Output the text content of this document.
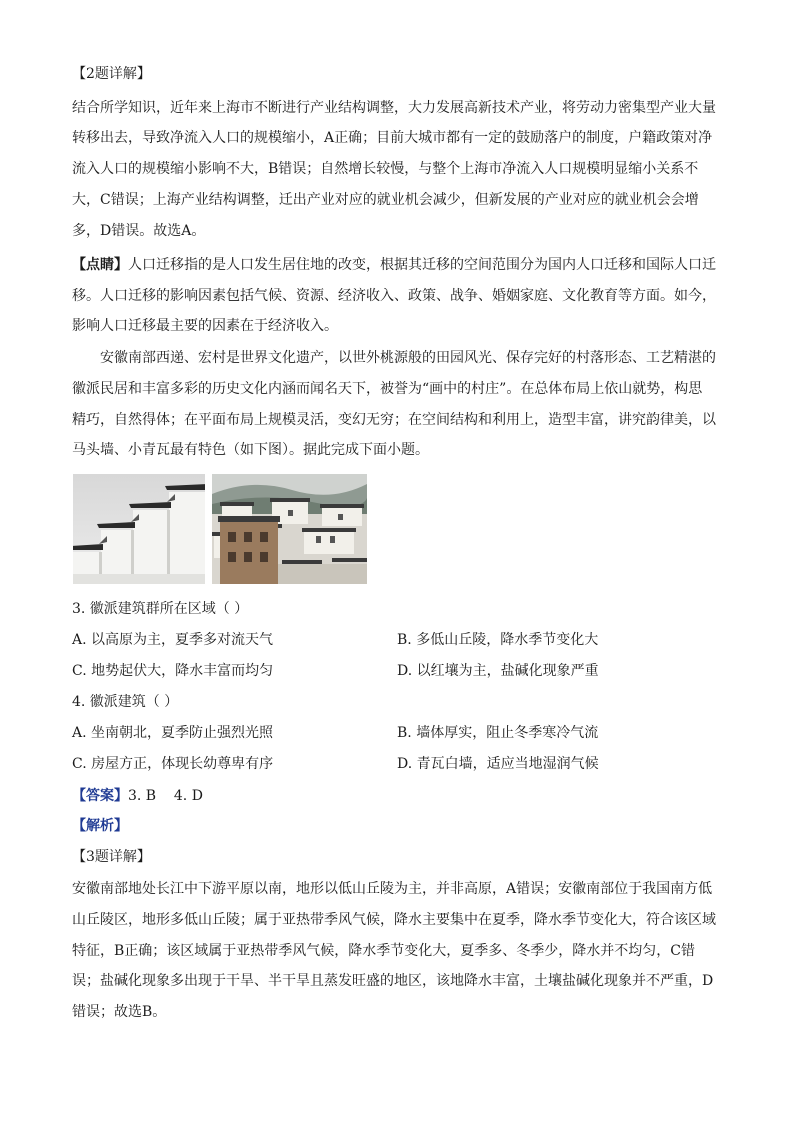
【2题详解】
结合所学知识，近年来上海市不断进行产业结构调整，大力发展高新技术产业，将劳动力密集型产业大量
转移出去，导致净流入人口的规模缩小，A正确；目前大城市都有一定的鼓励落户的制度，户籍政策对净
流入人口的规模缩小影响不大，B错误；自然增长较慢，与整个上海市净流入人口规模明显缩小关系不
大，C错误；上海产业结构调整，迁出产业对应的就业机会减少，但新发展的产业对应的就业机会会增
多，D错误。故选A。
【点睛】人口迁移指的是人口发生居住地的改变，根据其迁移的空间范围分为国内人口迁移和国际人口迁
移。人口迁移的影响因素包括气候、资源、经济收入、政策、战争、婚姻家庭、文化教育等方面。如今，
影响人口迁移最主要的因素在于经济收入。
安徽南部西递、宏村是世界文化遗产，以世外桃源般的田园风光、保存完好的村落形态、工艺精湛的
徽派民居和丰富多彩的历史文化内涵而闻名天下，被誉为“画中的村庄”。在总体布局上依山就势，构思
精巧，自然得体；在平面布局上规模灵活，变幻无穷；在空间结构和利用上，造型丰富，讲究韵律美，以
马头墙、小青瓦最有特色（如下图）。据此完成下面小题。
3. 徽派建筑群所在区域（ ）
A. 以高原为主，夏季多对流天气	B. 多低山丘陵，降水季节变化大
C. 地势起伏大，降水丰富而均匀	D. 以红壤为主，盐碱化现象严重
4. 徽派建筑（ ）
A. 坐南朝北，夏季防止强烈光照	B. 墙体厚实，阻止冬季寒冷气流
C. 房屋方正，体现长幼尊卑有序	D. 青瓦白墙，适应当地湿润气候
【答案】3. B    4. D
【解析】
【3题详解】
安徽南部地处长江中下游平原以南，地形以低山丘陵为主，并非高原，A错误；安徽南部位于我国南方低
山丘陵区，地形多低山丘陵；属于亚热带季风气候，降水主要集中在夏季，降水季节变化大，符合该区域
特征，B正确；该区域属于亚热带季风气候，降水季节变化大，夏季多、冬季少，降水并不均匀，C错
误；盐碱化现象多出现于干旱、半干旱且蒸发旺盛的地区，该地降水丰富，土壤盐碱化现象并不严重，D
错误；故选B。
